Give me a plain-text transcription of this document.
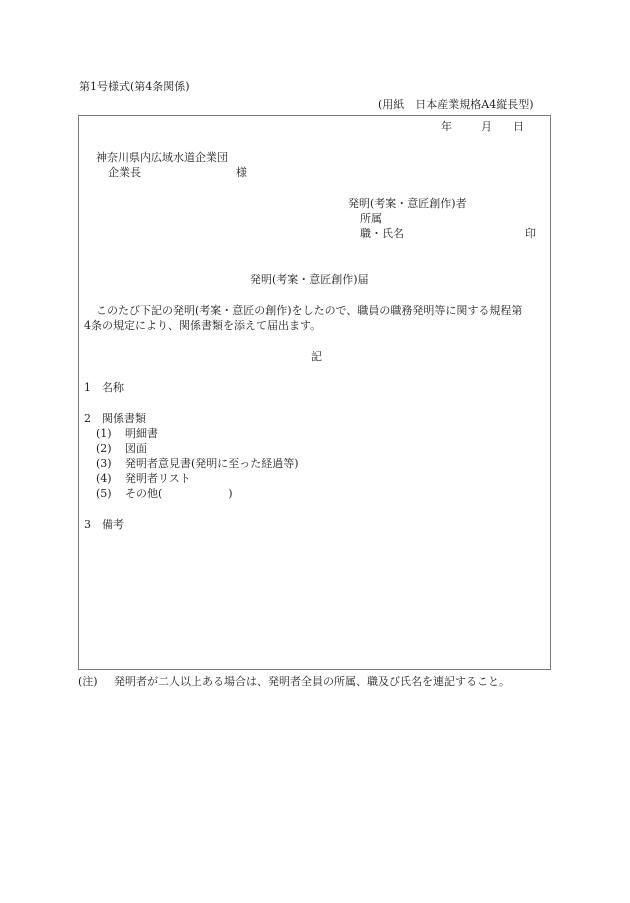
第1号様式(第4条関係)
(用紙　日本産業規格A4縦長型)
年	月 日
神奈川県内広域水道企業団
企業長	様
発明(考案・意匠創作)者
所属
職・氏名	印
発明(考案・意匠創作)届
このたび下記の発明(考案・意匠の創作)をしたので、職員の職務発明等に関する規程第
4条の規定により、関係書類を添えて届出ます。
記
1 名称
2 関係書類
(1) 明細書
(2) 図面
(3) 発明者意見書(発明に至った経過等)
(4) 発明者リスト
(5) その他(　　　　　　)
3 備考
(注) 発明者が二人以上ある場合は、発明者全員の所属、職及び氏名を連記すること。
